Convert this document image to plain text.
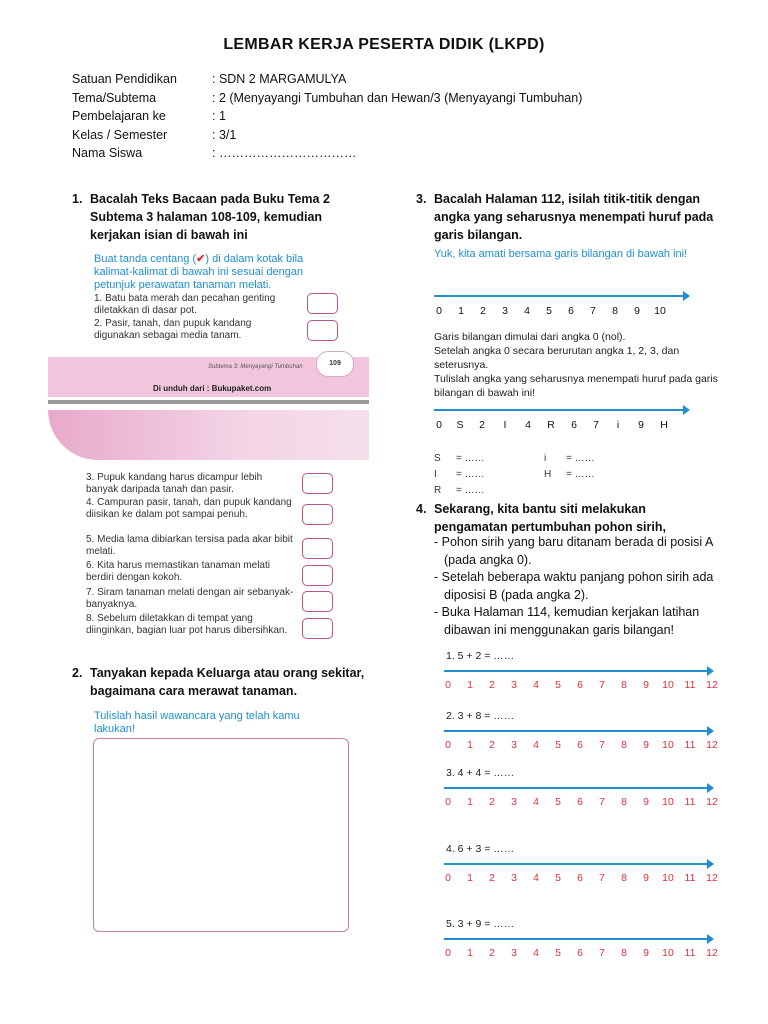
LEMBAR KERJA PESERTA DIDIK (LKPD)
Satuan Pendidikan	: SDN 2 MARGAMULYA
Tema/Subtema	: 2 (Menyayangi Tumbuhan dan Hewan/3 (Menyayangi Tumbuhan)
Pembelajaran ke	: 1
Kelas / Semester	: 3/1
Nama Siswa	: ……………………………
1. Bacalah Teks Bacaan pada Buku Tema 2 Subtema 3 halaman 108-109, kemudian kerjakan isian di bawah ini
Buat tanda centang (✔) di dalam kotak bila kalimat-kalimat di bawah ini sesuai dengan petunjuk perawatan tanaman melati.
1. Batu bata merah dan pecahan genting diletakkan di dasar pot.
2. Pasir, tanah, dan pupuk kandang digunakan sebagai media tanam.
Subtema 3: Menyayangi Tumbuhan	109
Di unduh dari : Bukupaket.com
3. Pupuk kandang harus dicampur lebih banyak daripada tanah dan pasir.
4. Campuran pasir, tanah, dan pupuk kandang diisikan ke dalam pot sampai penuh.
5. Media lama dibiarkan tersisa pada akar bibit melati.
6. Kita harus memastikan tanaman melati berdiri dengan kokoh.
7. Siram tanaman melati dengan air sebanyak-banyaknya.
8. Sebelum diletakkan di tempat yang diinginkan, bagian luar pot harus dibersihkan.
2. Tanyakan kepada Keluarga atau orang sekitar, bagaimana cara merawat tanaman.
Tulislah hasil wawancara yang telah kamu lakukan!
3. Bacalah Halaman 112, isilah titik-titik dengan angka yang seharusnya menempati huruf pada garis bilangan.
Yuk, kita amati bersama garis bilangan di bawah ini!
0	1	2	3	4	5	6	7	8	9	10
Garis bilangan dimulai dari angka 0 (nol).
Setelah angka 0 secara berurutan angka 1, 2, 3, dan seterusnya.
Tulislah angka yang seharusnya menempati huruf pada garis bilangan di bawah ini!
0	S	2	I	4	R	6	7	i	9	H
S = ……	i = ……
I = ……	H = ……
R = ……
4. Sekarang, kita bantu siti melakukan pengamatan pertumbuhan pohon sirih,
- Pohon sirih yang baru ditanam berada di posisi A (pada angka 0).
- Setelah beberapa waktu panjang pohon sirih ada diposisi B (pada angka 2).
- Buka Halaman 114, kemudian kerjakan latihan dibawan ini menggunakan garis bilangan!
1. 5 + 2 = ……
0	1	2	3	4	5	6	7	8	9	10 11 12
2. 3 + 8 = ……
0	1	2	3	4	5	6	7	8	9	10 11 12
3. 4 + 4 = ……
0	1	2	3	4	5	6	7	8	9	10 11 12
4. 6 + 3 = ……
0	1	2	3	4	5	6	7	8	9	10 11 12
5. 3 + 9 = ……
0	1	2	3	4	5	6	7	8	9	10 11 12
